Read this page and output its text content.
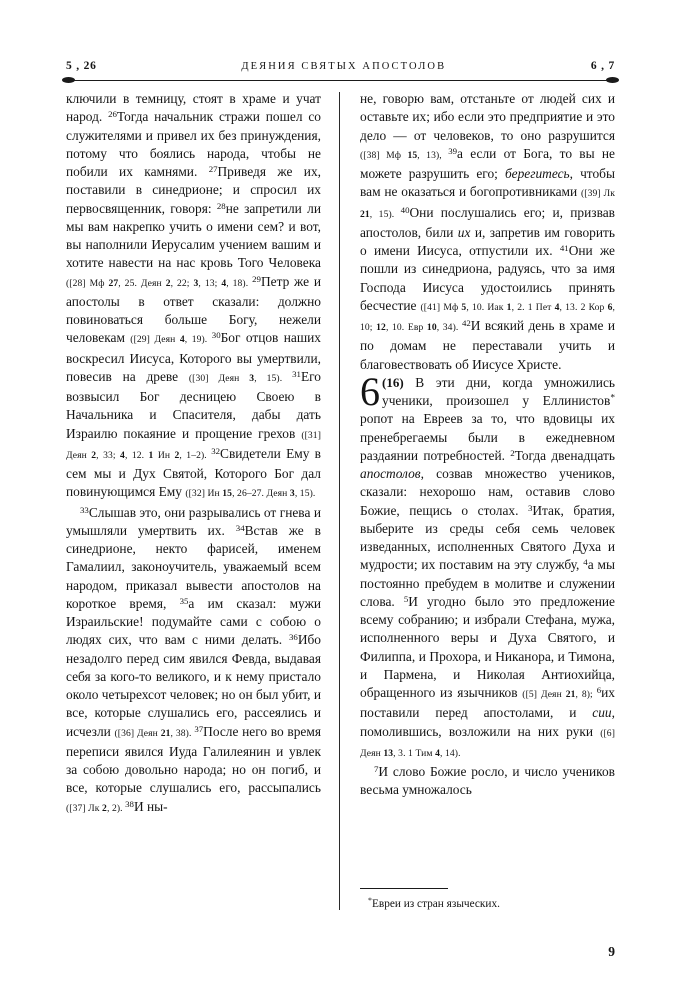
5 , 26	ДЕЯНИЯ СВЯТЫХ АПОСТОЛОВ	6 , 7

ключили в темницу, стоят в храме и учат народ. $^{26}$Тогда начальник стражи пошел со служителями и привел их без принуждения, потому что боялись народа, чтобы не побили их камнями. $^{27}$Приведя же их, поставили в синедрионе; и спросил их первосвященник, говоря: $^{28}$не запретили ли мы вам накрепко учить о имени сем? и вот, вы наполнили Иерусалим учением вашим и хотите навести на нас кровь Того Человека ([28] Мф 27, 25. Деян 2, 22; 3, 13; 4, 18). $^{29}$Петр же и апостолы в ответ сказали: должно повиноваться больше Богу, нежели человекам ([29] Деян 4, 19). $^{30}$Бог отцов наших воскресил Иисуса, Которого вы умертвили, повесив на древе ([30] Деян 3, 15). $^{31}$Его возвысил Бог десницею Своею в Начальника и Спасителя, дабы дать Израилю покаяние и прощение грехов ([31] Деян 2, 33; 4, 12. 1 Ин 2, 1–2). $^{32}$Свидетели Ему в сем мы и Дух Святой, Которого Бог дал повинующимся Ему ([32] Ин 15, 26–27. Деян 3, 15).

$^{33}$Слышав это, они разрывались от гнева и умышляли умертвить их. $^{34}$Встав же в синедрионе, некто фарисей, именем Гамалиил, законоучитель, уважаемый всем народом, приказал вывести апостолов на короткое время, $^{35}$а им сказал: мужи Израильские! подумайте сами с собою о людях сих, что вам с ними делать. $^{36}$Ибо незадолго перед сим явился Февда, выдавая себя за кого-то великого, и к нему пристало около четырехсот человек; но он был убит, и все, которые слушались его, рассеялись и исчезли ([36] Деян 21, 38). $^{37}$После него во время переписи явился Иуда Галилеянин и увлек за собою довольно народа; но он погиб, и все, которые слушались его, рассыпались ([37] Лк 2, 2). $^{38}$И ны-

не, говорю вам, отстаньте от людей сих и оставьте их; ибо если это предприятие и это дело — от человеков, то оно разрушится ([38] Мф 15, 13), $^{39}$а если от Бога, то вы не можете разрушить его; берегитесь, чтобы вам не оказаться и богопротивниками ([39] Лк 21, 15). $^{40}$Они послушались его; и, призвав апостолов, били их и, запретив им говорить о имени Иисуса, отпустили их. $^{41}$Они же пошли из синедриона, радуясь, что за имя Господа Иисуса удостоились принять бесчестие ([41] Мф 5, 10. Иак 1, 2. 1 Пет 4, 13. 2 Кор 6, 10; 12, 10. Евр 10, 34). $^{42}$И всякий день в храме и по домам не переставали учить и благовествовать об Иисусе Христе.

6 (16) В эти дни, когда умножились ученики, произошел у Еллинистов* ропот на Евреев за то, что вдовицы их пренебрегаемы были в ежедневном раздаянии потребностей. $^2$Тогда двенадцать апостолов, созвав множество учеников, сказали: нехорошо нам, оставив слово Божие, пещись о столах. $^3$Итак, братия, выберите из среды себя семь человек изведанных, исполненных Святого Духа и мудрости; их поставим на эту службу, $^4$а мы постоянно пребудем в молитве и служении слова. $^5$И угодно было это предложение всему собранию; и избрали Стефана, мужа, исполненного веры и Духа Святого, и Филиппа, и Прохора, и Никанора, и Тимона, и Пармена, и Николая Антиохийца, обращенного из язычников ([5] Деян 21, 8); $^6$их поставили перед апостолами, и сии, помолившись, возложили на них руки ([6] Деян 13, 3. 1 Тим 4, 14).

$^7$И слово Божие росло, и число учеников весьма умножалось

*Евреи из стран языческих.
9
